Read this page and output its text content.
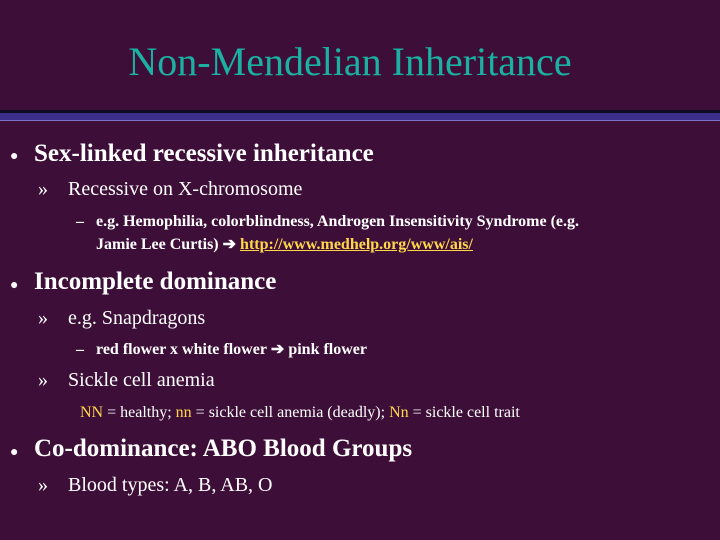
Non-Mendelian Inheritance
● Sex-linked recessive inheritance
» Recessive on X-chromosome
– e.g. Hemophilia, colorblindness, Androgen Insensitivity Syndrome (e.g.
Jamie Lee Curtis) ➔ http://www.medhelp.org/www/ais/
● Incomplete dominance
» e.g. Snapdragons
– red flower x white flower ➔ pink flower
» Sickle cell anemia
NN = healthy; nn = sickle cell anemia (deadly); Nn = sickle cell trait
● Co-dominance: ABO Blood Groups
» Blood types: A, B, AB, O
